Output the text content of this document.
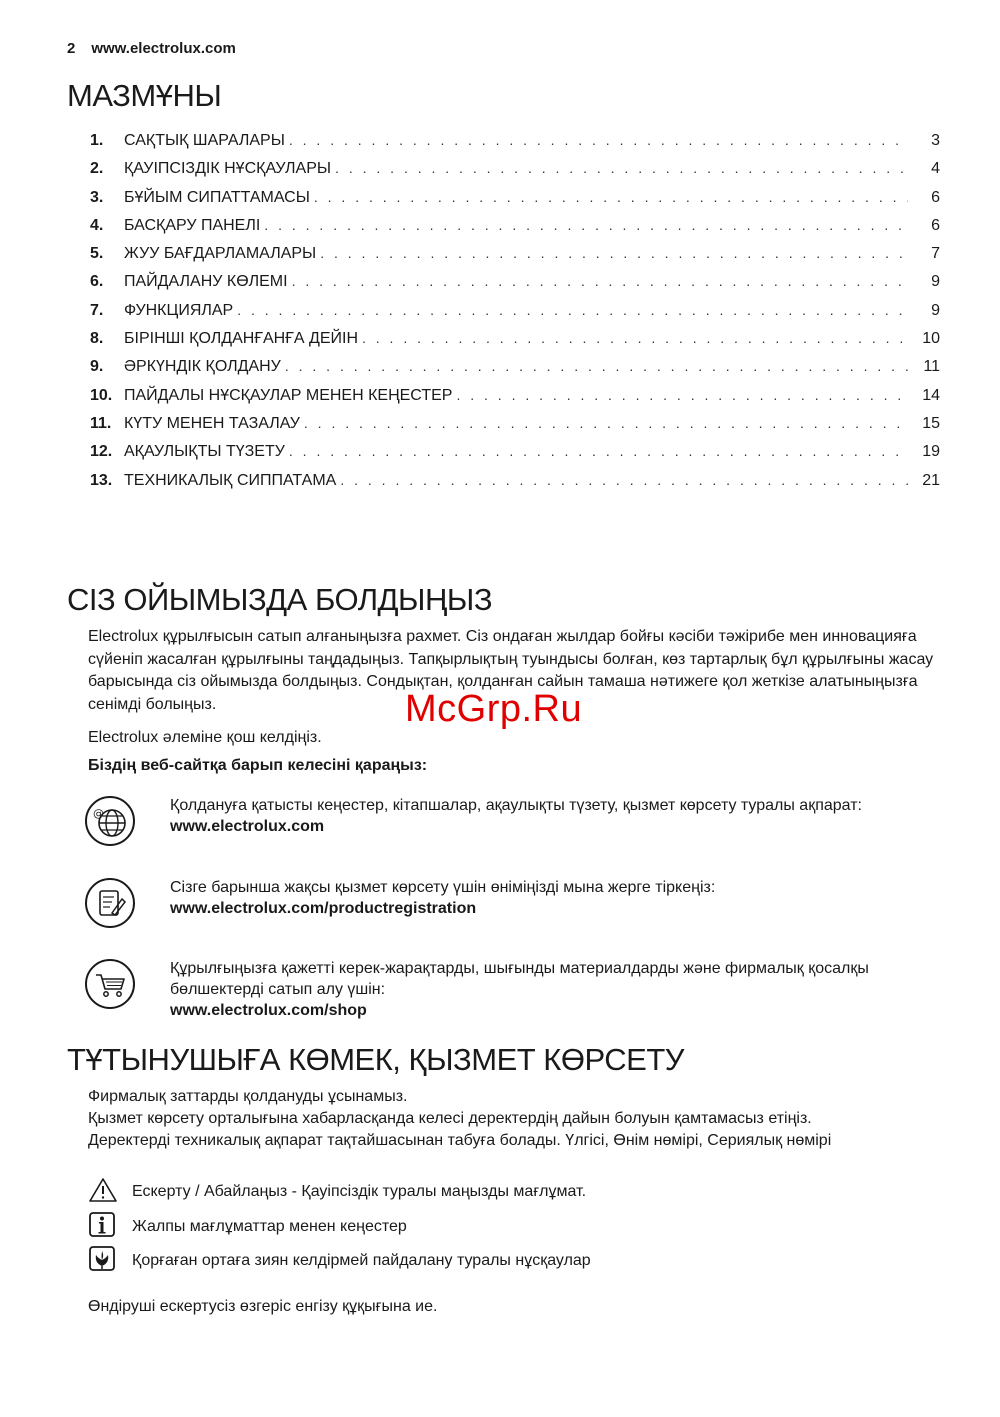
2 www.electrolux.com
МАЗМҰНЫ
1.	САҚТЫҚ ШАРАЛАРЫ . . .	3
2.	ҚАУІПСІЗДІК НҰСҚАУЛАРЫ . . .	4
3.	БҰЙЫМ СИПАТТАМАСЫ . . .	6
4.	БАСҚАРУ ПАНЕЛІ . . .	6
5.	ЖУУ БАҒДАРЛАМАЛАРЫ . . .	7
6.	ПАЙДАЛАНУ КӨЛЕМІ . . .	9
7.	ФУНКЦИЯЛАР . . .	9
8.	БІРІНШІ ҚОЛДАНҒАНҒА ДЕЙІН . . .	10
9.	ӘРКҮНДІК ҚОЛДАНУ . . .	11
10. ПАЙДАЛЫ НҰСҚАУЛАР МЕНЕН КЕҢЕСТЕР . . .	14
11. КҮТУ МЕНЕН ТАЗАЛАУ . . .	15
12. АҚАУЛЫҚТЫ ТҮЗЕТУ . . .	19
13. ТЕХНИКАЛЫҚ СИППАТАМА . . .	21
СІЗ ОЙЫМЫЗДА БОЛДЫҢЫЗ

Electrolux құрылғысын сатып алғаныңызға рахмет. Сіз ондаған жылдар бойғы кәсіби тәжірибе мен инновацияға сүйеніп жасалған құрылғыны таңдадыңыз. Тапқырлықтың туындысы болған, көз тартарлық бұл құрылғыны жасау барысында сіз ойымызда болдыңыз. Сондықтан, қолданған сайын тамаша нәтижеге қол жеткізе алатыныңызға сенімді болыңыз.

Electrolux әлеміне қош келдіңіз.

Біздің веб-сайтқа барып келесіні қараңыз:

@	Қолдануға қатысты кеңестер, кітапшалар, ақаулықты түзету, қызмет көрсету туралы ақпарат:
www.electrolux.com
Сізге барынша жақсы қызмет көрсету үшін өніміңізді мына жерге тіркеңіз:
www.electrolux.com/productregistration
Құрылғыңызға қажетті керек-жарақтарды, шығынды материалдарды және фирмалық қосалқы бөлшектерді сатып алу үшін:
www.electrolux.com/shop
ТҰТЫНУШЫҒА КӨМЕК, ҚЫЗМЕТ КӨРСЕТУ
Фирмалық заттарды қолдануды ұсынамыз.
Қызмет көрсету орталығына хабарласқанда келесі деректердің дайын болуын қамтамасыз етіңіз.
Деректерді техникалық ақпарат тақтайшасынан табуға болады. Үлгісі, Өнім нөмірі, Сериялық нөмірі
Ескерту / Абайлаңыз - Қауіпсіздік туралы маңызды мағлұмат.
Жалпы мағлұматтар менен кеңестер
Қорғаған ортаға зиян келдірмей пайдалану туралы нұсқаулар

Өндіруші ескертусіз өзгеріс енгізу құқығына ие.

McGrp.Ru
